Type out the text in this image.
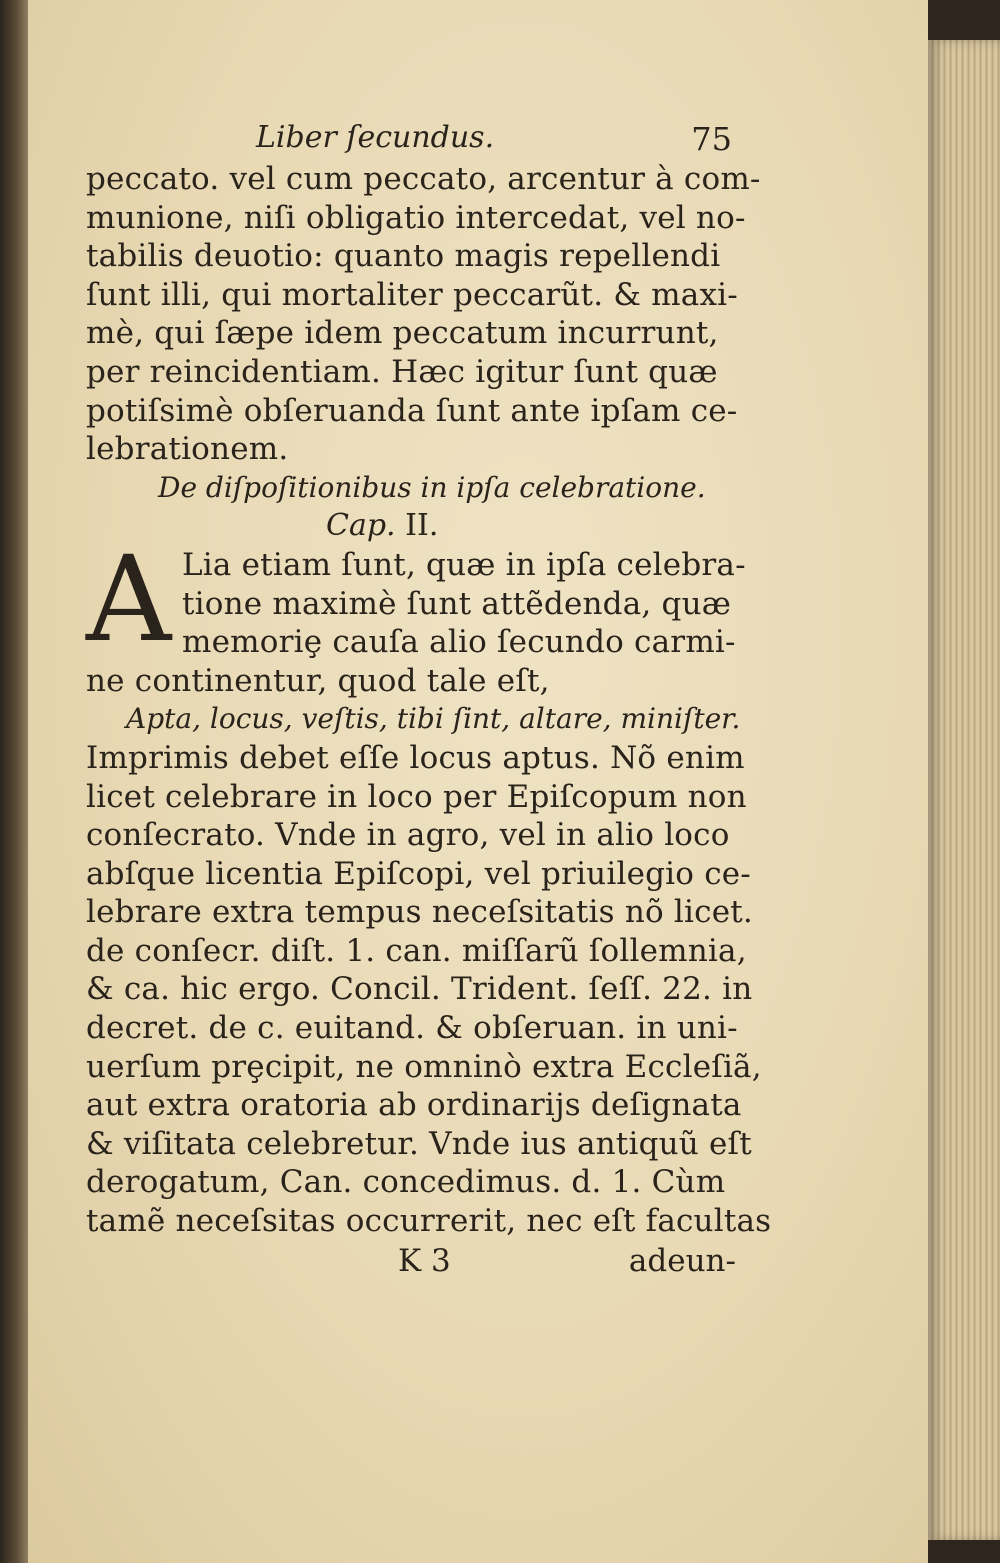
Liber ſecundus.	75
peccato. vel cum peccato, arcentur à com-
munione, niſi obligatio intercedat, vel no-
tabilis deuotio: quanto magis repellendi
ſunt illi, qui mortaliter peccarũt. & maxi-
mè, qui ſæpe idem peccatum incurrunt,
per reincidentiam. Hæc igitur ſunt quæ
potiſsimè obſeruanda ſunt ante ipſam ce-
lebrationem.
De diſpoſitionibus in ipſa celebratione.
Cap. II.
A Lia etiam ſunt, quæ in ipſa celebra-
tione maximè ſunt attẽdenda, quæ
memoriȩ cauſa alio ſecundo carmi-
ne continentur, quod tale eſt,
Apta, locus, veſtis, tibi ſint, altare, miniſter.
Imprimis debet eſſe locus aptus. Nõ enim
licet celebrare in loco per Epiſcopum non
conſecrato. Vnde in agro, vel in alio loco
abſque licentia Epiſcopi, vel priuilegio ce-
lebrare extra tempus neceſsitatis nõ licet.
de conſecr. diſt. 1. can. miſſarũ ſollemnia,
& ca. hic ergo. Concil. Trident. ſeſſ. 22. in
decret. de c. euitand. & obſeruan. in uni-
uerſum prȩcipit, ne omninò extra Eccleſiã,
aut extra oratoria ab ordinarijs deſignata
& viſitata celebretur. Vnde ius antiquũ eſt
derogatum, Can. concedimus. d. 1. Cùm
tamẽ neceſsitas occurrerit, nec eſt facultas
K 3	adeun-
